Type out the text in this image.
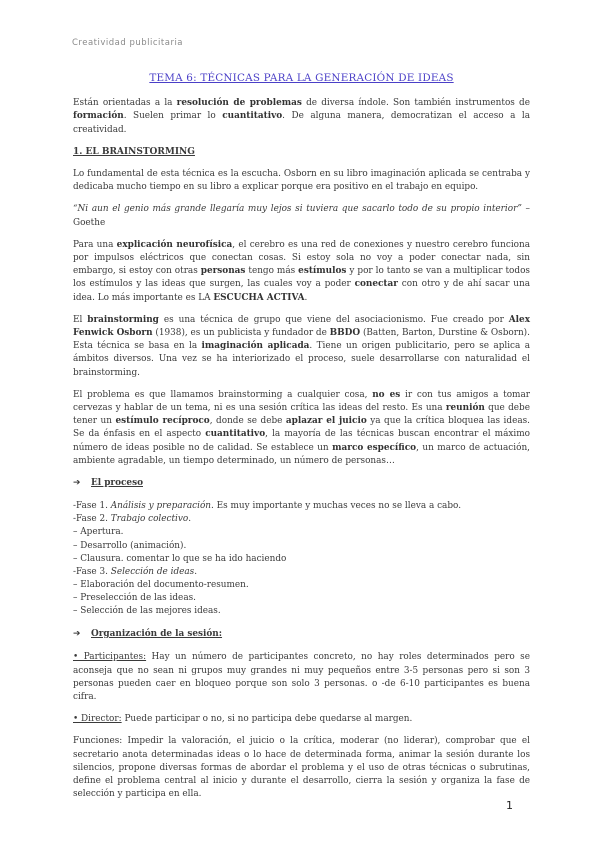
Creatividad publicitaria
TEMA 6: TÉCNICAS PARA LA GENERACIÓN DE IDEAS

Están orientadas a la resolución de problemas de diversa índole. Son también instrumentos de formación. Suelen primar lo cuantitativo. De alguna manera, democratizan el acceso a la creatividad.

1. EL BRAINSTORMING

Lo fundamental de esta técnica es la escucha. Osborn en su libro imaginación aplicada se centraba y dedicaba mucho tiempo en su libro a explicar porque era positivo en el trabajo en equipo.

“Ni aun el genio más grande llegaría muy lejos si tuviera que sacarlo todo de su propio interior” – Goethe

Para una explicación neurofísica, el cerebro es una red de conexiones y nuestro cerebro funciona por impulsos eléctricos que conectan cosas. Si estoy sola no voy a poder conectar nada, sin embargo, si estoy con otras personas tengo más estímulos y por lo tanto se van a multiplicar todos los estímulos y las ideas que surgen, las cuales voy a poder conectar con otro y de ahí sacar una idea. Lo más importante es LA ESCUCHA ACTIVA.

El brainstorming es una técnica de grupo que viene del asociacionismo. Fue creado por Alex Fenwick Osborn (1938), es un publicista y fundador de BBDO (Batten, Barton, Durstine & Osborn). Esta técnica se basa en la imaginación aplicada. Tiene un origen publicitario, pero se aplica a ámbitos diversos. Una vez se ha interiorizado el proceso, suele desarrollarse con naturalidad el brainstorming.

El problema es que llamamos brainstorming a cualquier cosa, no es ir con tus amigos a tomar cervezas y hablar de un tema, ni es una sesión crítica las ideas del resto. Es una reunión que debe tener un estímulo recíproco, donde se debe aplazar el juicio ya que la crítica bloquea las ideas. Se da énfasis en el aspecto cuantitativo, la mayoría de las técnicas buscan encontrar el máximo número de ideas posible no de calidad. Se establece un marco específico, un marco de actuación, ambiente agradable, un tiempo determinado, un número de personas…

➔ El proceso
-Fase 1. Análisis y preparación. Es muy importante y muchas veces no se lleva a cabo.
-Fase 2. Trabajo colectivo.
– Apertura.
– Desarrollo (animación).
– Clausura. comentar lo que se ha ido haciendo
-Fase 3. Selección de ideas.
– Elaboración del documento-resumen.
– Preselección de las ideas.
– Selección de las mejores ideas.
➔ Organización de la sesión:

• Participantes: Hay un número de participantes concreto, no hay roles determinados pero se aconseja que no sean ni grupos muy grandes ni muy pequeños entre 3-5 personas pero si son 3 personas pueden caer en bloqueo porque son solo 3 personas. o -de 6-10 participantes es buena cifra.

• Director: Puede participar o no, si no participa debe quedarse al margen.

Funciones: Impedir la valoración, el juicio o la crítica, moderar (no liderar), comprobar que el secretario anota determinadas ideas o lo hace de determinada forma, animar la sesión durante los silencios, propone diversas formas de abordar el problema y el uso de otras técnicas o subrutinas, define el problema central al inicio y durante el desarrollo, cierra la sesión y organiza la fase de selección y participa en ella.

1
